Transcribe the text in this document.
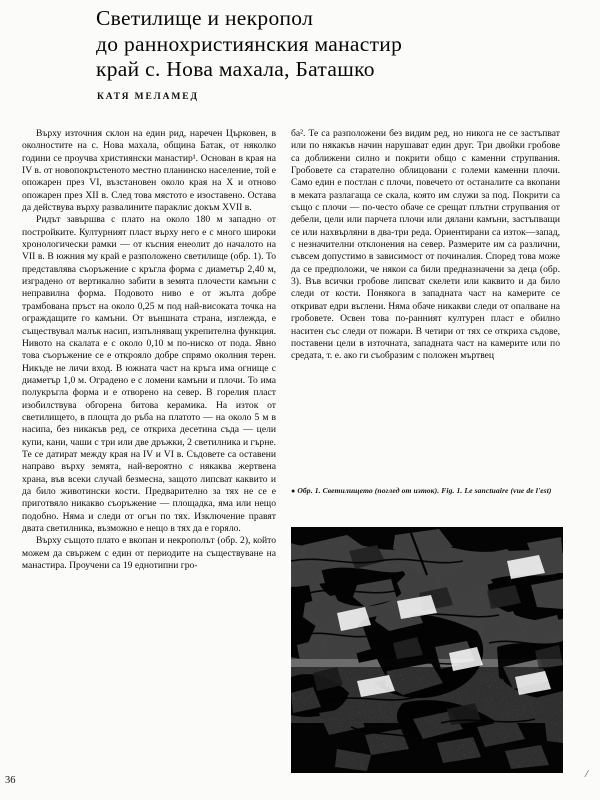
Светилище и некропол
до раннохристиянския манастир
край с. Нова махала, Баташко
КАТЯ МЕЛАМЕД

Върху източния склон на един рид, наречен Църковен, в околностите на с. Нова махала, община Батак, от няколко години се проучва християнски манастир¹. Основан в края на IV в. от новопокръстеното местно планинско население, той е опожарен през VI, възстановен около края на X и отново опожарен през XII в. След това мястото е изоставено. Остава да действува върху развалините параклис докъм XVII в.

Ридът завършва с плато на около 180 м западно от постройките. Културният пласт върху него е с много широки хронологически рамки — от късния енеолит до началото на VII в. В южния му край е разположено светилище (обр. 1). То представлява съоръжение с кръгла форма с диаметър 2,40 м, изградено от вертикално забити в земята плочести камъни с неправилна форма. Подовото ниво е от жълта добре трамбована пръст на около 0,25 м под най-високата точка на ограждащите го камъни. От външната страна, изглежда, е съществувал малък насип, изпълняващ укрепителна функция. Нивото на скалата е с около 0,10 м по-ниско от пода. Явно това съоръжение се е открояло добре спрямо околния терен. Никъде не личи вход. В южната част на кръга има огнище с диаметър 1,0 м. Оградено е с ломени камъни и плочи. То има полукръгла форма и е отворено на север. В горелия пласт изобилствува обгорена битова керамика. На изток от светилището, в площта до ръба на платото — на около 5 м в насипа, без никакъв ред, се откриха десетина съда — цели купи, кани, чаши с три или две дръжки, 2 светилника и гърне. Те се датират между края на IV и VI в. Съдовете са оставени направо върху земята, най-вероятно с някаква жертвена храна, във всеки случай безмесна, защото липсват каквито и да било животински кости. Предварително за тях не се е приготвяло никакво съоръжение — площадка, яма или нещо подобно. Няма и следи от огън по тях. Изключение правят двата светилника, възможно е нещо в тях да е горяло.

Върху същото плато е вкопан и некрополът (обр. 2), който можем да свържем с един от периодите на съществуване на манастира. Проучени са 19 еднотипни гро-

ба². Те са разположени без видим ред, но никога не се застъпват или по някакъв начин нарушават един друг. Три двойки гробове са доближени силно и покрити общо с каменни струпвания. Гробовете са старателно облицовани с големи каменни плочи. Само един е постлан с плочи, повечето от останалите са вкопани в меката разлагаща се скала, която им служи за под. Покрити са също с плочи — по-често обаче се срещат плътни струпвания от дебели, цели или парчета плочи или дялани камъни, застъпващи се или нахвърляни в два-три реда. Ориентирани са изток—запад, с незначителни отклонения на север. Размерите им са различни, съвсем допустимо в зависимост от починалия. Според това може да се предположи, че някои са били предназначени за деца (обр. 3). Във всички гробове липсват скелети или каквито и да било следи от кости. Понякога в западната част на камерите се откриват едри въглени. Няма обаче никакви следи от опалване на гробовете. Освен това по-ранният културен пласт е обилно наситен със следи от пожари. В четири от тях се откриха съдове, поставени цели в източната, западната част на камерите или по средата, т. е. ако ги съобразим с положен мъртвец

● Обр. 1. Светилището (поглед от изток). Fig. 1. Le sanctuaire (vue de l'est)
36
/
